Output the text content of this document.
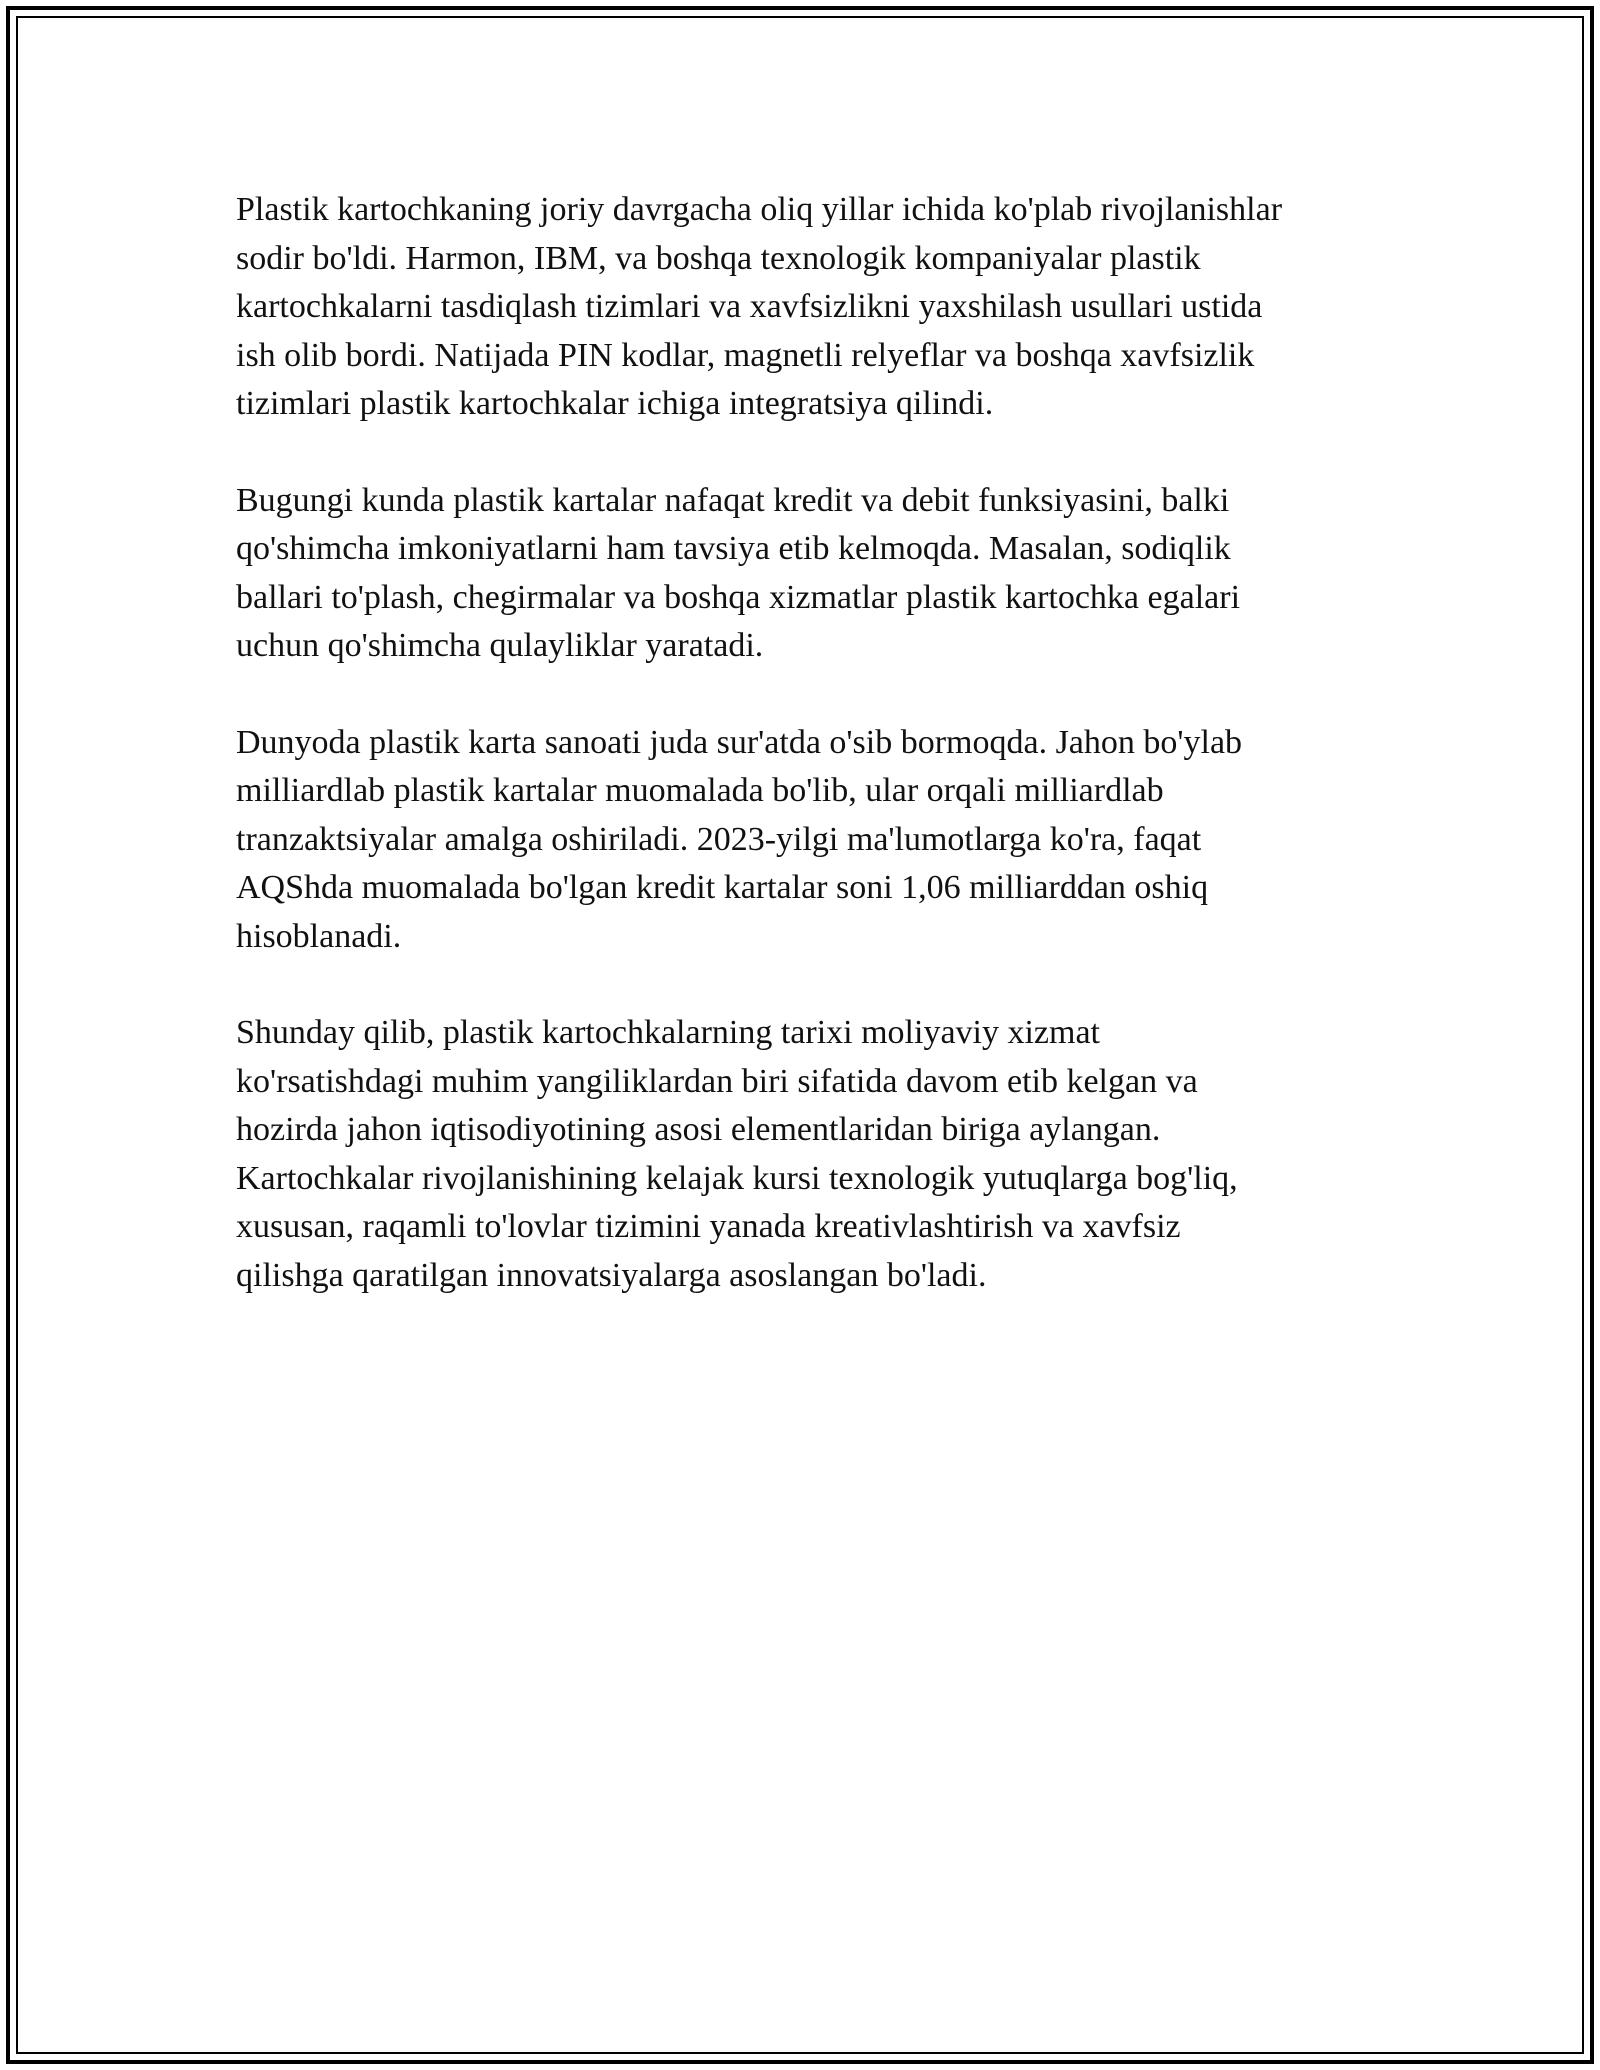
Plastik kartochkaning joriy davrgacha oliq yillar ichida ko'plab rivojlanishlar
sodir bo'ldi. Harmon, IBM, va boshqa texnologik kompaniyalar plastik
kartochkalarni tasdiqlash tizimlari va xavfsizlikni yaxshilash usullari ustida
ish olib bordi. Natijada PIN kodlar, magnetli relyeflar va boshqa xavfsizlik
tizimlari plastik kartochkalar ichiga integratsiya qilindi.

Bugungi kunda plastik kartalar nafaqat kredit va debit funksiyasini, balki
qo'shimcha imkoniyatlarni ham tavsiya etib kelmoqda. Masalan, sodiqlik
ballari to'plash, chegirmalar va boshqa xizmatlar plastik kartochka egalari
uchun qo'shimcha qulayliklar yaratadi.

Dunyoda plastik karta sanoati juda sur'atda o'sib bormoqda. Jahon bo'ylab
milliardlab plastik kartalar muomalada bo'lib, ular orqali milliardlab
tranzaktsiyalar amalga oshiriladi. 2023-yilgi ma'lumotlarga ko'ra, faqat
AQShda muomalada bo'lgan kredit kartalar soni 1,06 milliarddan oshiq
hisoblanadi.

Shunday qilib, plastik kartochkalarning tarixi moliyaviy xizmat
ko'rsatishdagi muhim yangiliklardan biri sifatida davom etib kelgan va
hozirda jahon iqtisodiyotining asosi elementlaridan biriga aylangan.
Kartochkalar rivojlanishining kelajak kursi texnologik yutuqlarga bog'liq,
xususan, raqamli to'lovlar tizimini yanada kreativlashtirish va xavfsiz
qilishga qaratilgan innovatsiyalarga asoslangan bo'ladi.
